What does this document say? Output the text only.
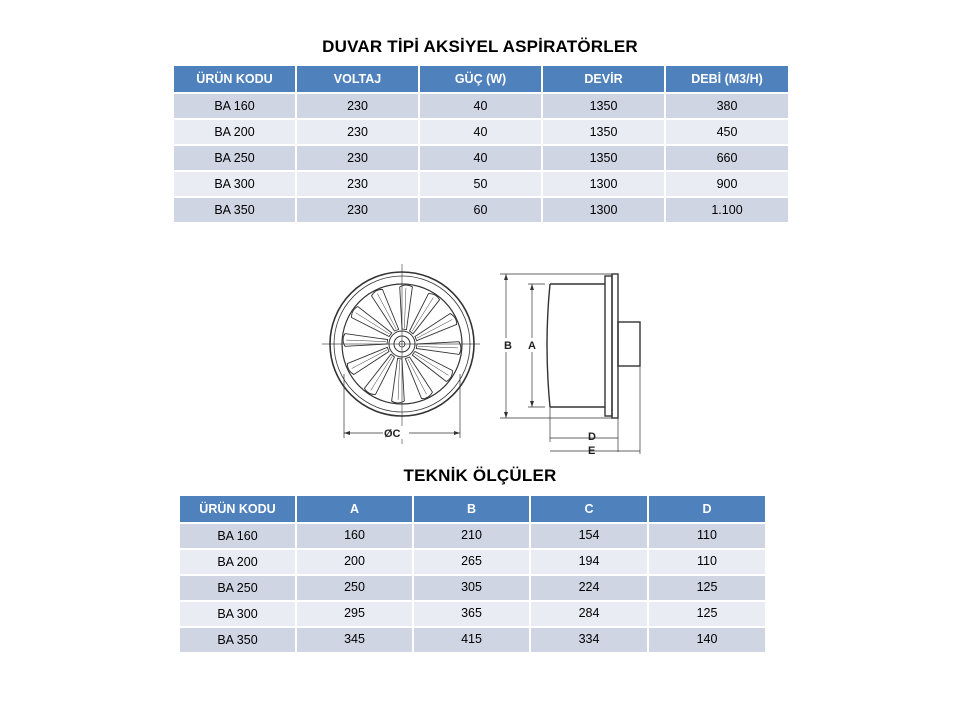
DUVAR TİPİ AKSİYEL ASPİRATÖRLER
ÜRÜN KODU	VOLTAJ	GÜÇ (W)	DEVİR	DEBİ (M3/H)
BA 160	230	40	1350	380
BA 200	230	40	1350	450
BA 250	230	40	1350	660
BA 300	230	50	1300	900
BA 350	230	60	1300	1.100
ØC
B A
D
E
TEKNİK ÖLÇÜLER
ÜRÜN KODU	A	B	C	D
BA 160	160	210	154	110
BA 200	200	265	194	110
BA 250	250	305	224	125
BA 300	295	365	284	125
BA 350	345	415	334	140
